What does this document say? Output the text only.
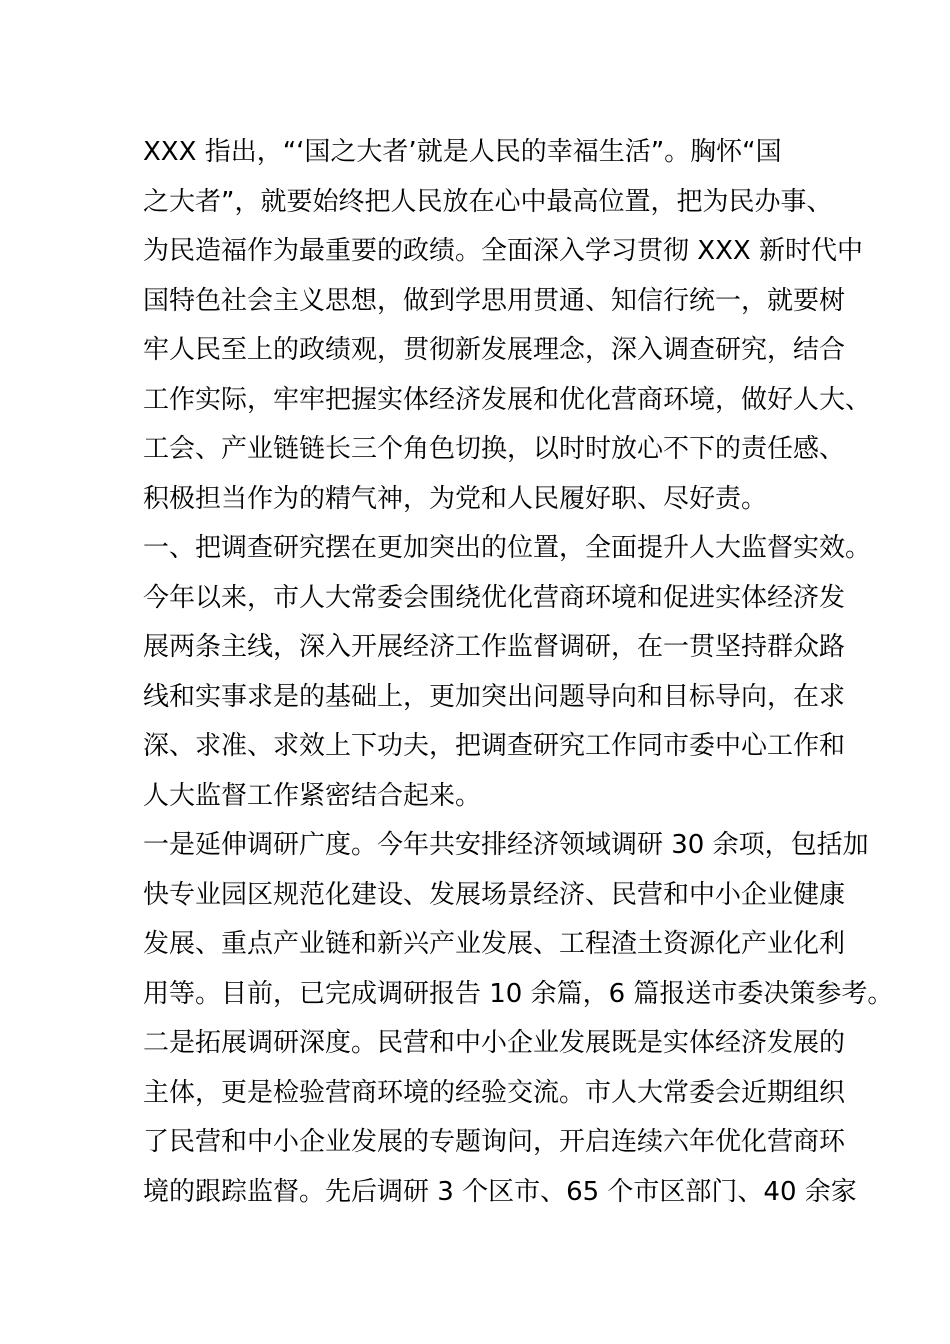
XXX 指出，“‘国之大者’就是人民的幸福生活”。胸怀“国
之大者”，就要始终把人民放在心中最高位置，把为民办事、
为民造福作为最重要的政绩。全面深入学习贯彻 XXX 新时代中
国特色社会主义思想，做到学思用贯通、知信行统一，就要树
牢人民至上的政绩观，贯彻新发展理念，深入调查研究，结合
工作实际，牢牢把握实体经济发展和优化营商环境，做好人大、
工会、产业链链长三个角色切换，以时时放心不下的责任感、
积极担当作为的精气神，为党和人民履好职、尽好责。
一、把调查研究摆在更加突出的位置，全面提升人大监督实效。
今年以来，市人大常委会围绕优化营商环境和促进实体经济发
展两条主线，深入开展经济工作监督调研，在一贯坚持群众路
线和实事求是的基础上，更加突出问题导向和目标导向，在求
深、求准、求效上下功夫，把调查研究工作同市委中心工作和
人大监督工作紧密结合起来。
一是延伸调研广度。今年共安排经济领域调研 30 余项，包括加
快专业园区规范化建设、发展场景经济、民营和中小企业健康
发展、重点产业链和新兴产业发展、工程渣土资源化产业化利
用等。目前，已完成调研报告 10 余篇，6 篇报送市委决策参考。
二是拓展调研深度。民营和中小企业发展既是实体经济发展的
主体，更是检验营商环境的经验交流。市人大常委会近期组织
了民营和中小企业发展的专题询问，开启连续六年优化营商环
境的跟踪监督。先后调研 3 个区市、65 个市区部门、40 余家
